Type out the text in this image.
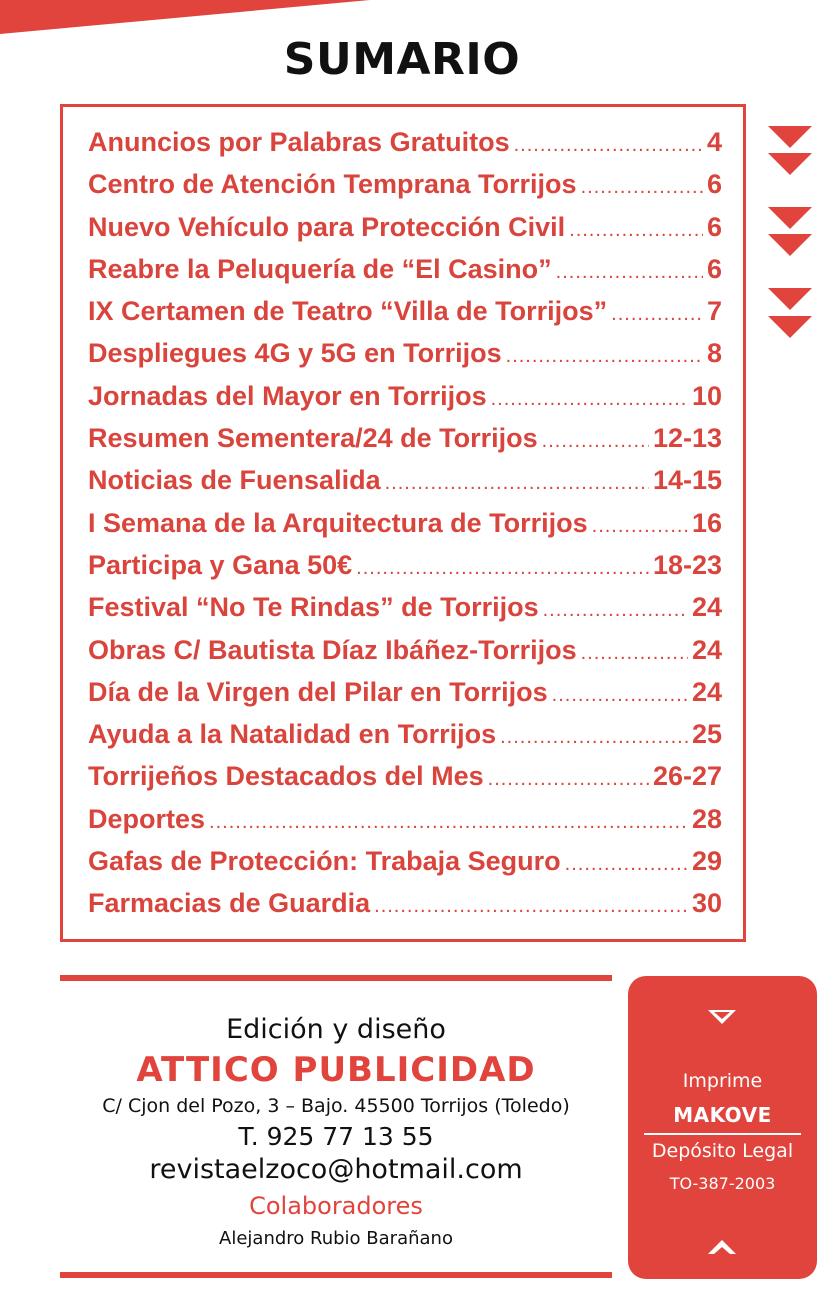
SUMARIO
Anuncios por Palabras Gratuitos .....	4
Centro de Atención Temprana Torrijos .....	6
Nuevo Vehículo para Protección Civil .....	6
Reabre la Peluquería de “El Casino” .....	6
IX Certamen de Teatro “Villa de Torrijos” .....	7
Despliegues 4G y 5G en Torrijos .....	8
Jornadas del Mayor en Torrijos .....	10
Resumen Sementera/24 de Torrijos .....	12-13
Noticias de Fuensalida .....	14-15
I Semana de la Arquitectura de Torrijos .....	16
Participa y Gana 50€ .....	18-23
Festival “No Te Rindas” de Torrijos .....	24
Obras C/ Bautista Díaz Ibáñez-Torrijos .....	24
Día de la Virgen del Pilar en Torrijos .....	24
Ayuda a la Natalidad en Torrijos .....	25
Torrijeños Destacados del Mes .....	26-27
Deportes .....	28
Gafas de Protección: Trabaja Seguro .....	29
Farmacias de Guardia .....	30
Edición y diseño
ATTICO PUBLICIDAD
C/ Cjon del Pozo, 3 – Bajo. 45500 Torrijos (Toledo)
T. 925 77 13 55
revistaelzoco@hotmail.com
Colaboradores
Alejandro Rubio Barañano
Imprime
MAKOVE
Depósito Legal
TO-387-2003
